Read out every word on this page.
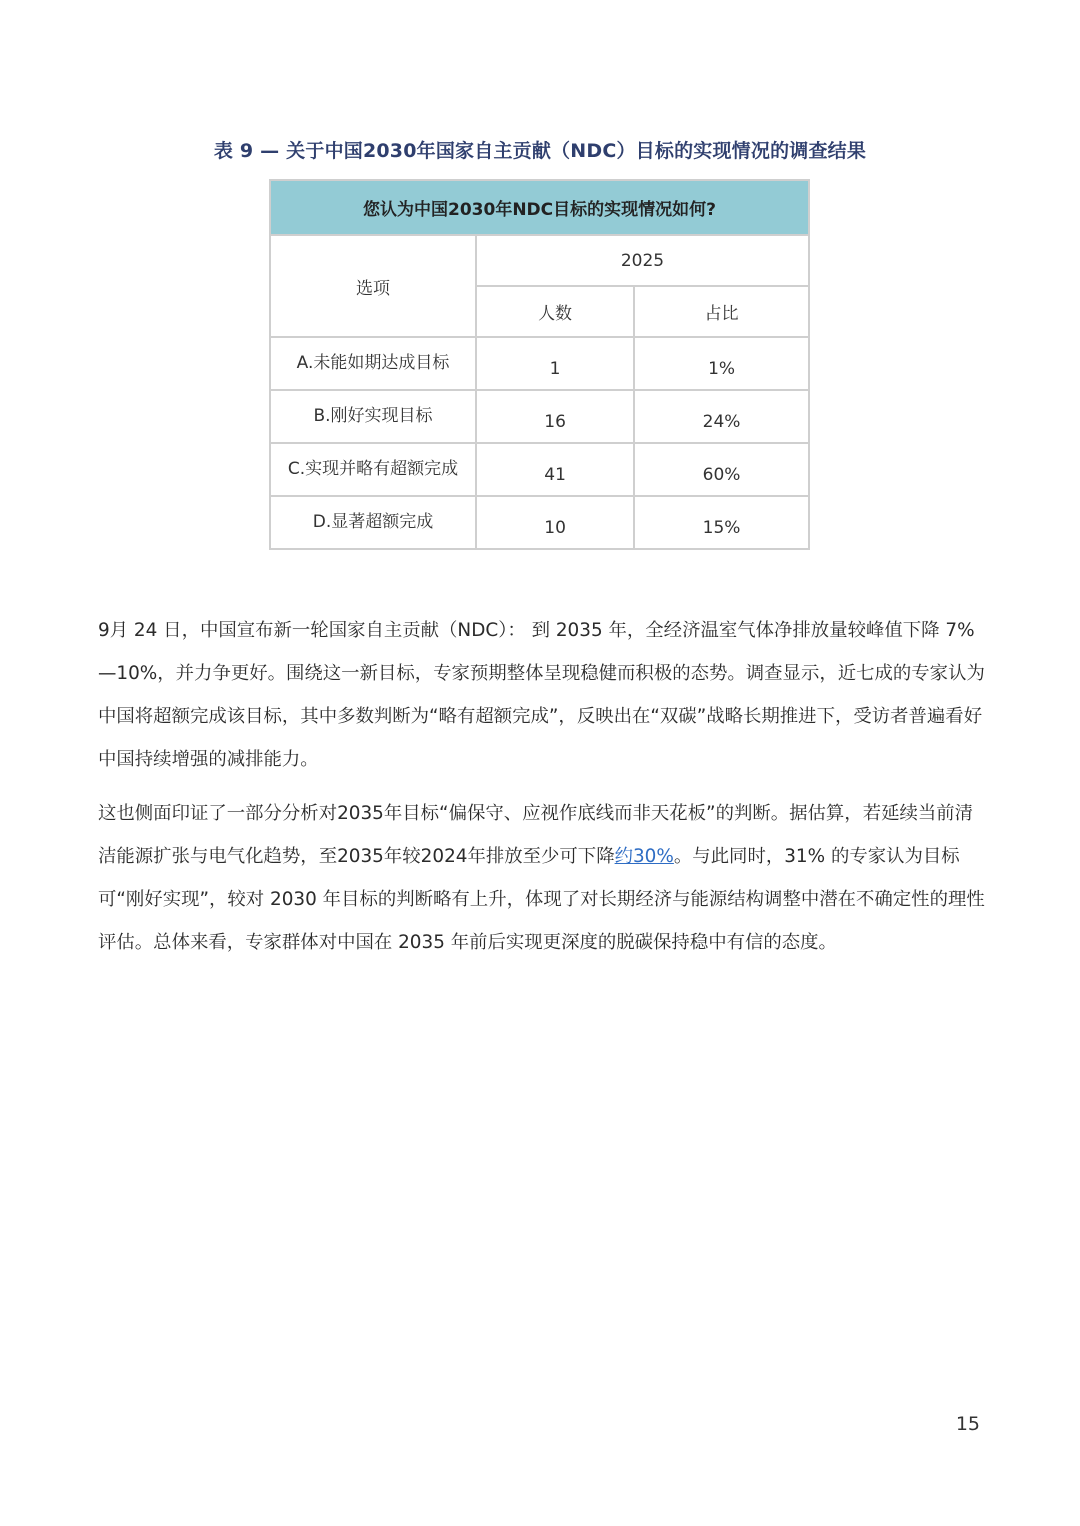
表 9 — 关于中国2030年国家自主贡献（NDC）目标的实现情况的调查结果
您认为中国2030年NDC目标的实现情况如何?		
选项	2025	
	人数	占比
A.未能如期达成目标	1	1%
B.刚好实现目标	16	24%
C.实现并略有超额完成	41	60%
D.显著超额完成	10	15%

9月 24 日，中国宣布新一轮国家自主贡献（NDC）： 到 2035 年，全经济温室气体净排放量较峰值下降 7%—10%，并力争更好。围绕这一新目标，专家预期整体呈现稳健而积极的态势。调查显示，近七成的专家认为中国将超额完成该目标，其中多数判断为“略有超额完成”，反映出在“双碳”战略长期推进下，受访者普遍看好中国持续增强的减排能力。

这也侧面印证了一部分分析对2035年目标“偏保守、应视作底线而非天花板”的判断。据估算，若延续当前清洁能源扩张与电气化趋势，至2035年较2024年排放至少可下降约30%。与此同时，31% 的专家认为目标可“刚好实现”，较对 2030 年目标的判断略有上升，体现了对长期经济与能源结构调整中潜在不确定性的理性评估。总体来看，专家群体对中国在 2035 年前后实现更深度的脱碳保持稳中有信的态度。

15
